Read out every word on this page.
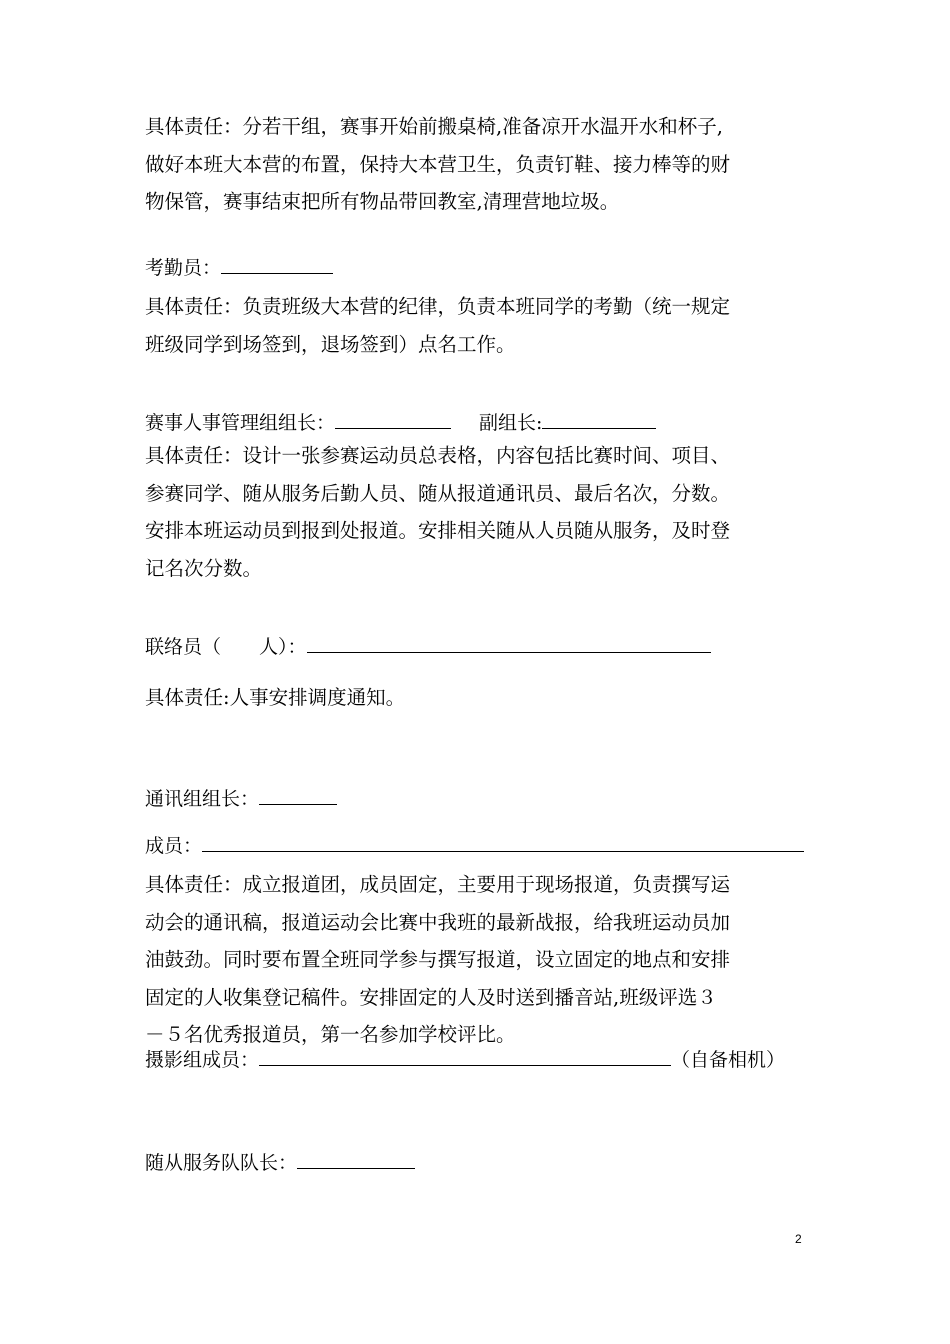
具体责任：分若干组，赛事开始前搬桌椅,准备凉开水温开水和杯子,
做好本班大本营的布置，保持大本营卫生，负责钉鞋、接力棒等的财
物保管，赛事结束把所有物品带回教室,清理营地垃圾。
考勤员：
具体责任：负责班级大本营的纪律，负责本班同学的考勤（统一规定
班级同学到场签到，退场签到）点名工作。
赛事人事管理组组长：	副组长:
具体责任：设计一张参赛运动员总表格，内容包括比赛时间、项目、
参赛同学、随从服务后勤人员、随从报道通讯员、最后名次，分数。
安排本班运动员到报到处报道。安排相关随从人员随从服务，及时登
记名次分数。
联络员（　　人）：
具体责任:人事安排调度通知。
通讯组组长：
成员：
具体责任：成立报道团，成员固定，主要用于现场报道，负责撰写运
动会的通讯稿，报道运动会比赛中我班的最新战报，给我班运动员加
油鼓劲。同时要布置全班同学参与撰写报道，设立固定的地点和安排
固定的人收集登记稿件。安排固定的人及时送到播音站,班级评选３
－５名优秀报道员，第一名参加学校评比。
摄影组成员：	（自备相机）
随从服务队队长：
2
